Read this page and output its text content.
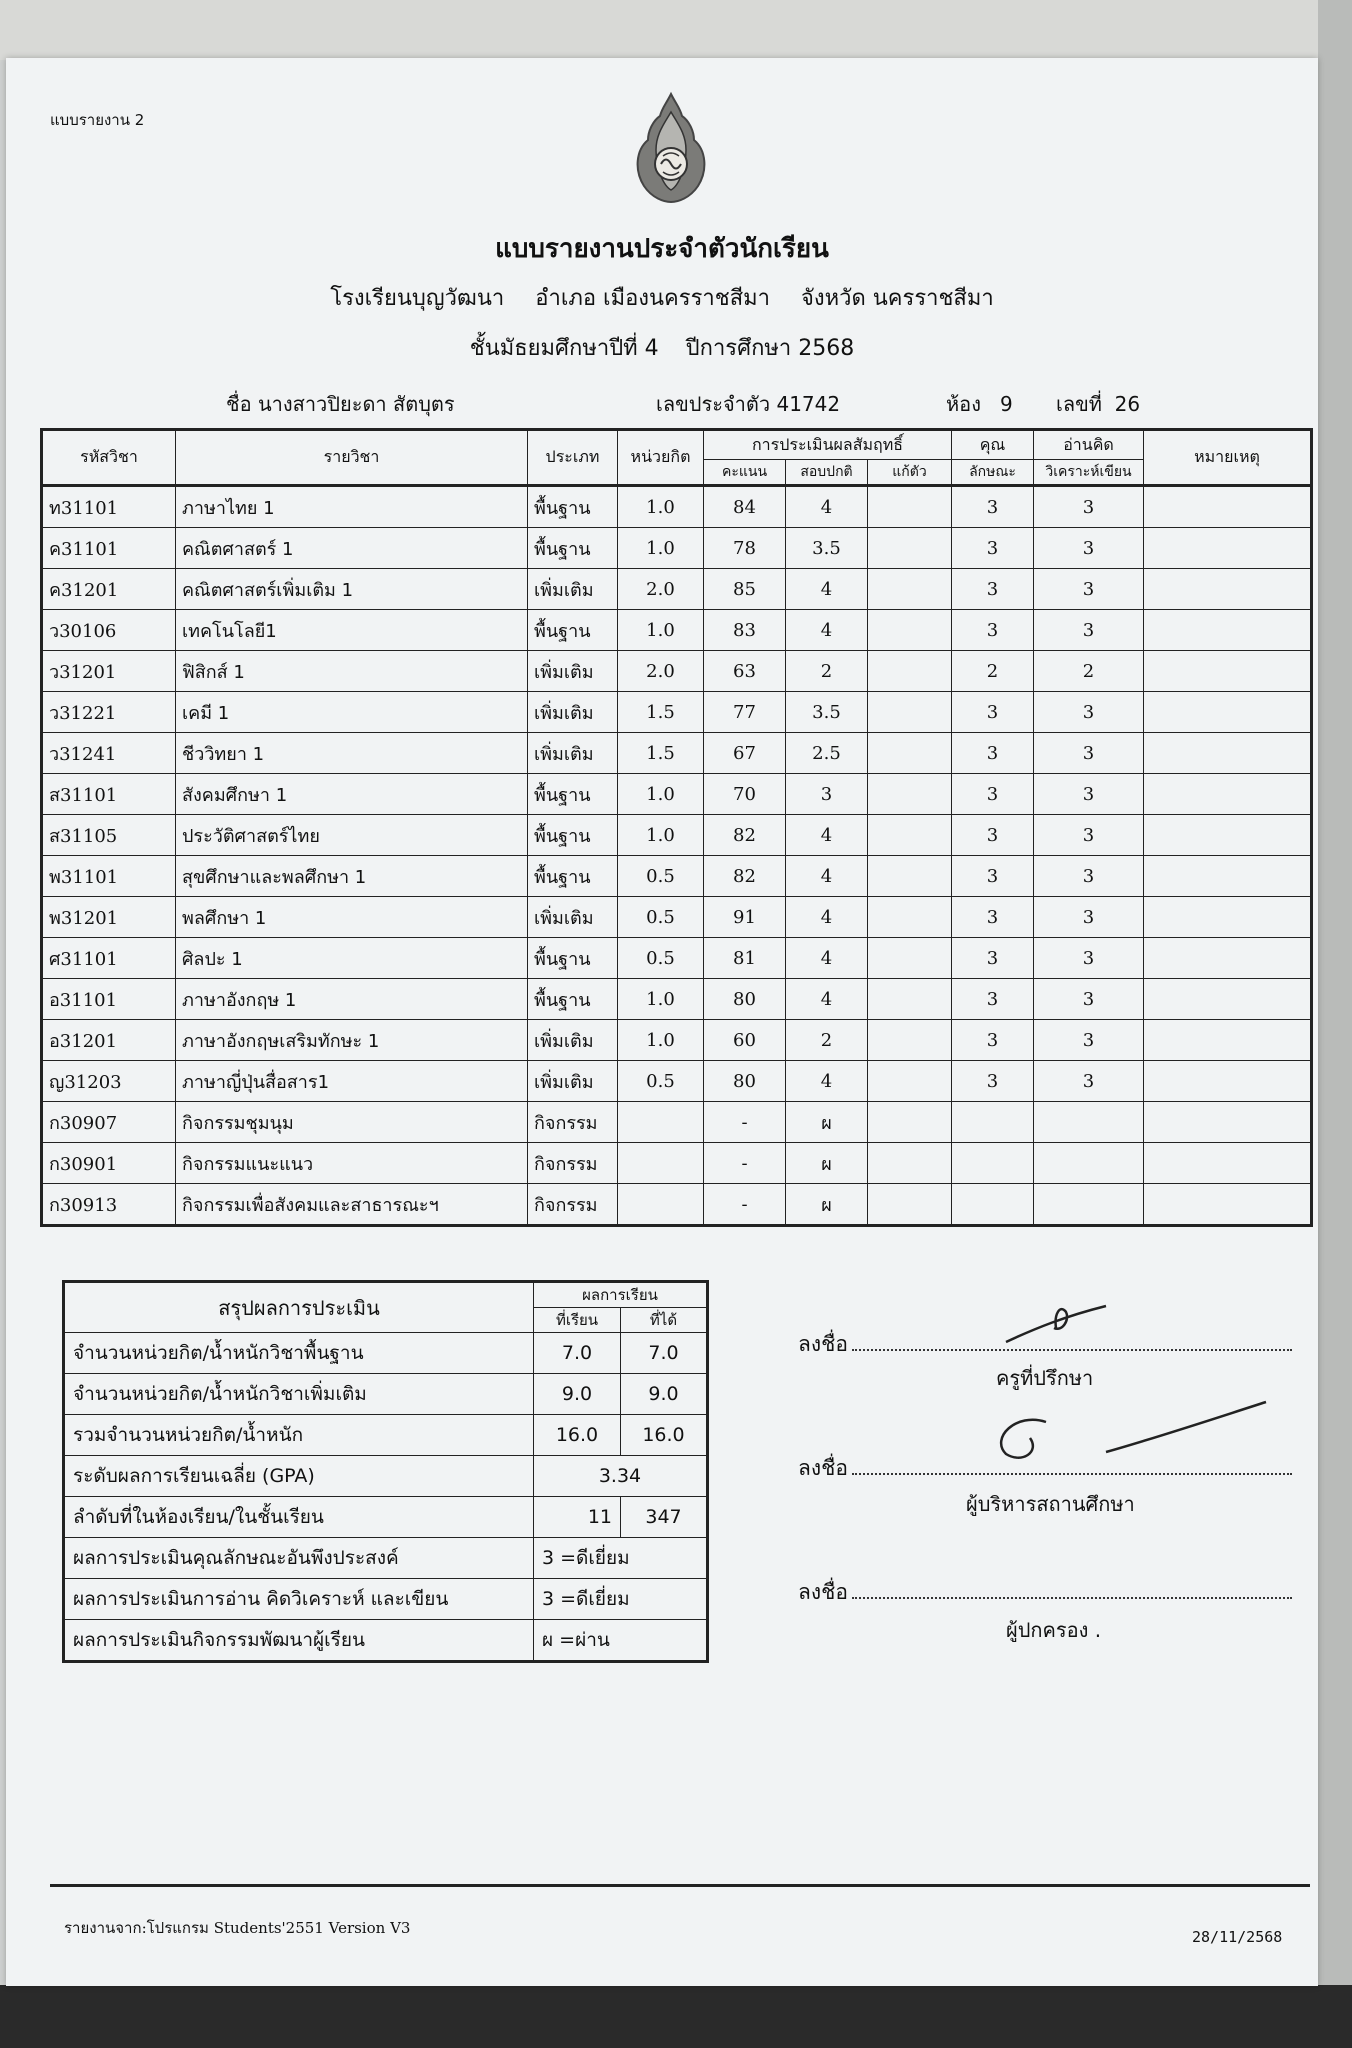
แบบรายงาน 2
แบบรายงานประจำตัวนักเรียน
โรงเรียนบุญวัฒนา อำเภอ เมืองนครราชสีมา จังหวัด นครราชสีมา
ชั้นมัธยมศึกษาปีที่ 4 ปีการศึกษา 2568
ชื่อ นางสาวปิยะดา สัตบุตร	เลขประจำตัว 41742	ห้อง 9 เลขที่ 26
รหัสวิชา	รายวิชา	ประเภท	หน่วยกิต	การประเมินผลสัมฤทธิ์			คุณ	อ่านคิด	หมายเหตุ
				คะแนน	สอบปกติ	แก้ตัว	ลักษณะ	วิเคราะห์เขียน	
ท31101	ภาษาไทย 1	พื้นฐาน	1.0	84	4		3	3	
ค31101	คณิตศาสตร์ 1	พื้นฐาน	1.0	78	3.5		3	3	
ค31201	คณิตศาสตร์เพิ่มเติม 1	เพิ่มเติม	2.0	85	4		3	3	
ว30106	เทคโนโลยี1	พื้นฐาน	1.0	83	4		3	3	
ว31201	ฟิสิกส์ 1	เพิ่มเติม	2.0	63	2		2	2	
ว31221	เคมี 1	เพิ่มเติม	1.5	77	3.5		3	3	
ว31241	ชีววิทยา 1	เพิ่มเติม	1.5	67	2.5		3	3	
ส31101	สังคมศึกษา 1	พื้นฐาน	1.0	70	3		3	3	
ส31105	ประวัติศาสตร์ไทย	พื้นฐาน	1.0	82	4		3	3	
พ31101	สุขศึกษาและพลศึกษา 1	พื้นฐาน	0.5	82	4		3	3	
พ31201	พลศึกษา 1	เพิ่มเติม	0.5	91	4		3	3	
ศ31101	ศิลปะ 1	พื้นฐาน	0.5	81	4		3	3	
อ31101	ภาษาอังกฤษ 1	พื้นฐาน	1.0	80	4		3	3	
อ31201	ภาษาอังกฤษเสริมทักษะ 1	เพิ่มเติม	1.0	60	2		3	3	
ญ31203	ภาษาญี่ปุ่นสื่อสาร1	เพิ่มเติม	0.5	80	4		3	3	
ก30907	กิจกรรมชุมนุม	กิจกรรม		-	ผ				
ก30901	กิจกรรมแนะแนว	กิจกรรม		-	ผ				
ก30913	กิจกรรมเพื่อสังคมและสาธารณะฯ	กิจกรรม		-	ผ				
สรุปผลการประเมิน	ผลการเรียน	
	ที่เรียน	ที่ได้
จำนวนหน่วยกิต/น้ำหนักวิชาพื้นฐาน	7.0	7.0
จำนวนหน่วยกิต/น้ำหนักวิชาเพิ่มเติม	9.0	9.0
รวมจำนวนหน่วยกิต/น้ำหนัก	16.0	16.0
ระดับผลการเรียนเฉลี่ย (GPA)	3.34	
ลำดับที่ในห้องเรียน/ในชั้นเรียน	11	347
ผลการประเมินคุณลักษณะอันพึงประสงค์	3 =ดีเยี่ยม	
ผลการประเมินการอ่าน คิดวิเคราะห์ และเขียน	3 =ดีเยี่ยม	
ผลการประเมินกิจกรรมพัฒนาผู้เรียน	ผ =ผ่าน	
ลงชื่อ
ครูที่ปรึกษา
ลงชื่อ
ผู้บริหารสถานศึกษา
ลงชื่อ
ผู้ปกครอง .
รายงานจาก:โปรแกรม Students'2551 Version V3	28/11/2568
